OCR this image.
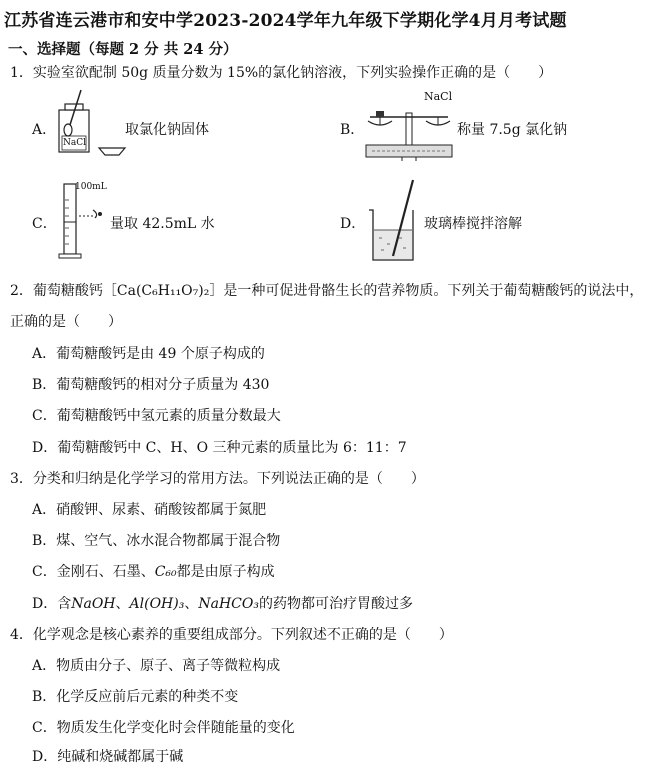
江苏省连云港市和安中学2023-2024学年九年级下学期化学4月月考试题
一、选择题（每题 2 分 共 24 分）
1．实验室欲配制 50g 质量分数为 15%的氯化钠溶液，下列实验操作正确的是（　　）
A．
NaCl
取氯化钠固体	B．
NaCl
称量 7.5g 氯化钠
C．
100mL
量取 42.5mL 水	D．	玻璃棒搅拌溶解
2．葡萄糖酸钙［Ca(C₆H₁₁O₇)₂］是一种可促进骨骼生长的营养物质。下列关于葡萄糖酸钙的说法中，
正确的是（　　）
A．葡萄糖酸钙是由 49 个原子构成的
B．葡萄糖酸钙的相对分子质量为 430
C．葡萄糖酸钙中氢元素的质量分数最大
D．葡萄糖酸钙中 C、H、O 三种元素的质量比为 6：11：7
3．分类和归纳是化学学习的常用方法。下列说法正确的是（　　）
A．硝酸钾、尿素、硝酸铵都属于氮肥
B．煤、空气、冰水混合物都属于混合物
C．金刚石、石墨、C₆₀都是由原子构成
D．含NaOH、Al(OH)₃、NaHCO₃的药物都可治疗胃酸过多
4．化学观念是核心素养的重要组成部分。下列叙述不正确的是（　　）
A．物质由分子、原子、离子等微粒构成
B．化学反应前后元素的种类不变
C．物质发生化学变化时会伴随能量的变化
D．纯碱和烧碱都属于碱
